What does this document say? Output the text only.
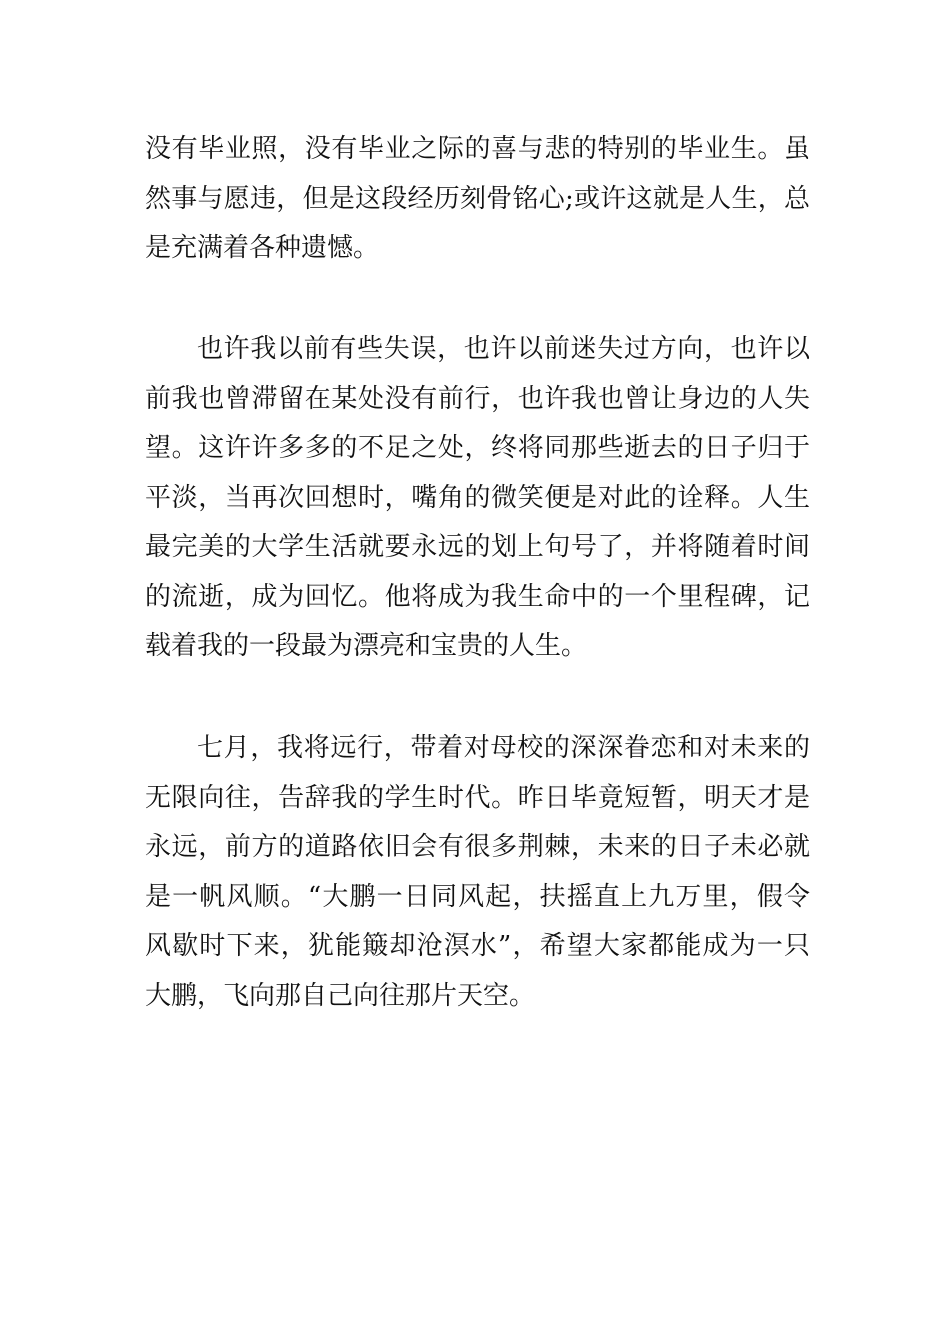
没有毕业照，没有毕业之际的喜与悲的特别的毕业生。虽
然事与愿违，但是这段经历刻骨铭心;或许这就是人生，总
是充满着各种遗憾。
也许我以前有些失误，也许以前迷失过方向，也许以
前我也曾滞留在某处没有前行，也许我也曾让身边的人失
望。这许许多多的不足之处，终将同那些逝去的日子归于
平淡，当再次回想时，嘴角的微笑便是对此的诠释。人生
最完美的大学生活就要永远的划上句号了，并将随着时间
的流逝，成为回忆。他将成为我生命中的一个里程碑，记
载着我的一段最为漂亮和宝贵的人生。
七月，我将远行，带着对母校的深深眷恋和对未来的
无限向往，告辞我的学生时代。昨日毕竟短暂，明天才是
永远，前方的道路依旧会有很多荆棘，未来的日子未必就
是一帆风顺。“大鹏一日同风起，扶摇直上九万里，假令
风歇时下来，犹能簸却沧溟水”，希望大家都能成为一只
大鹏，飞向那自己向往那片天空。
